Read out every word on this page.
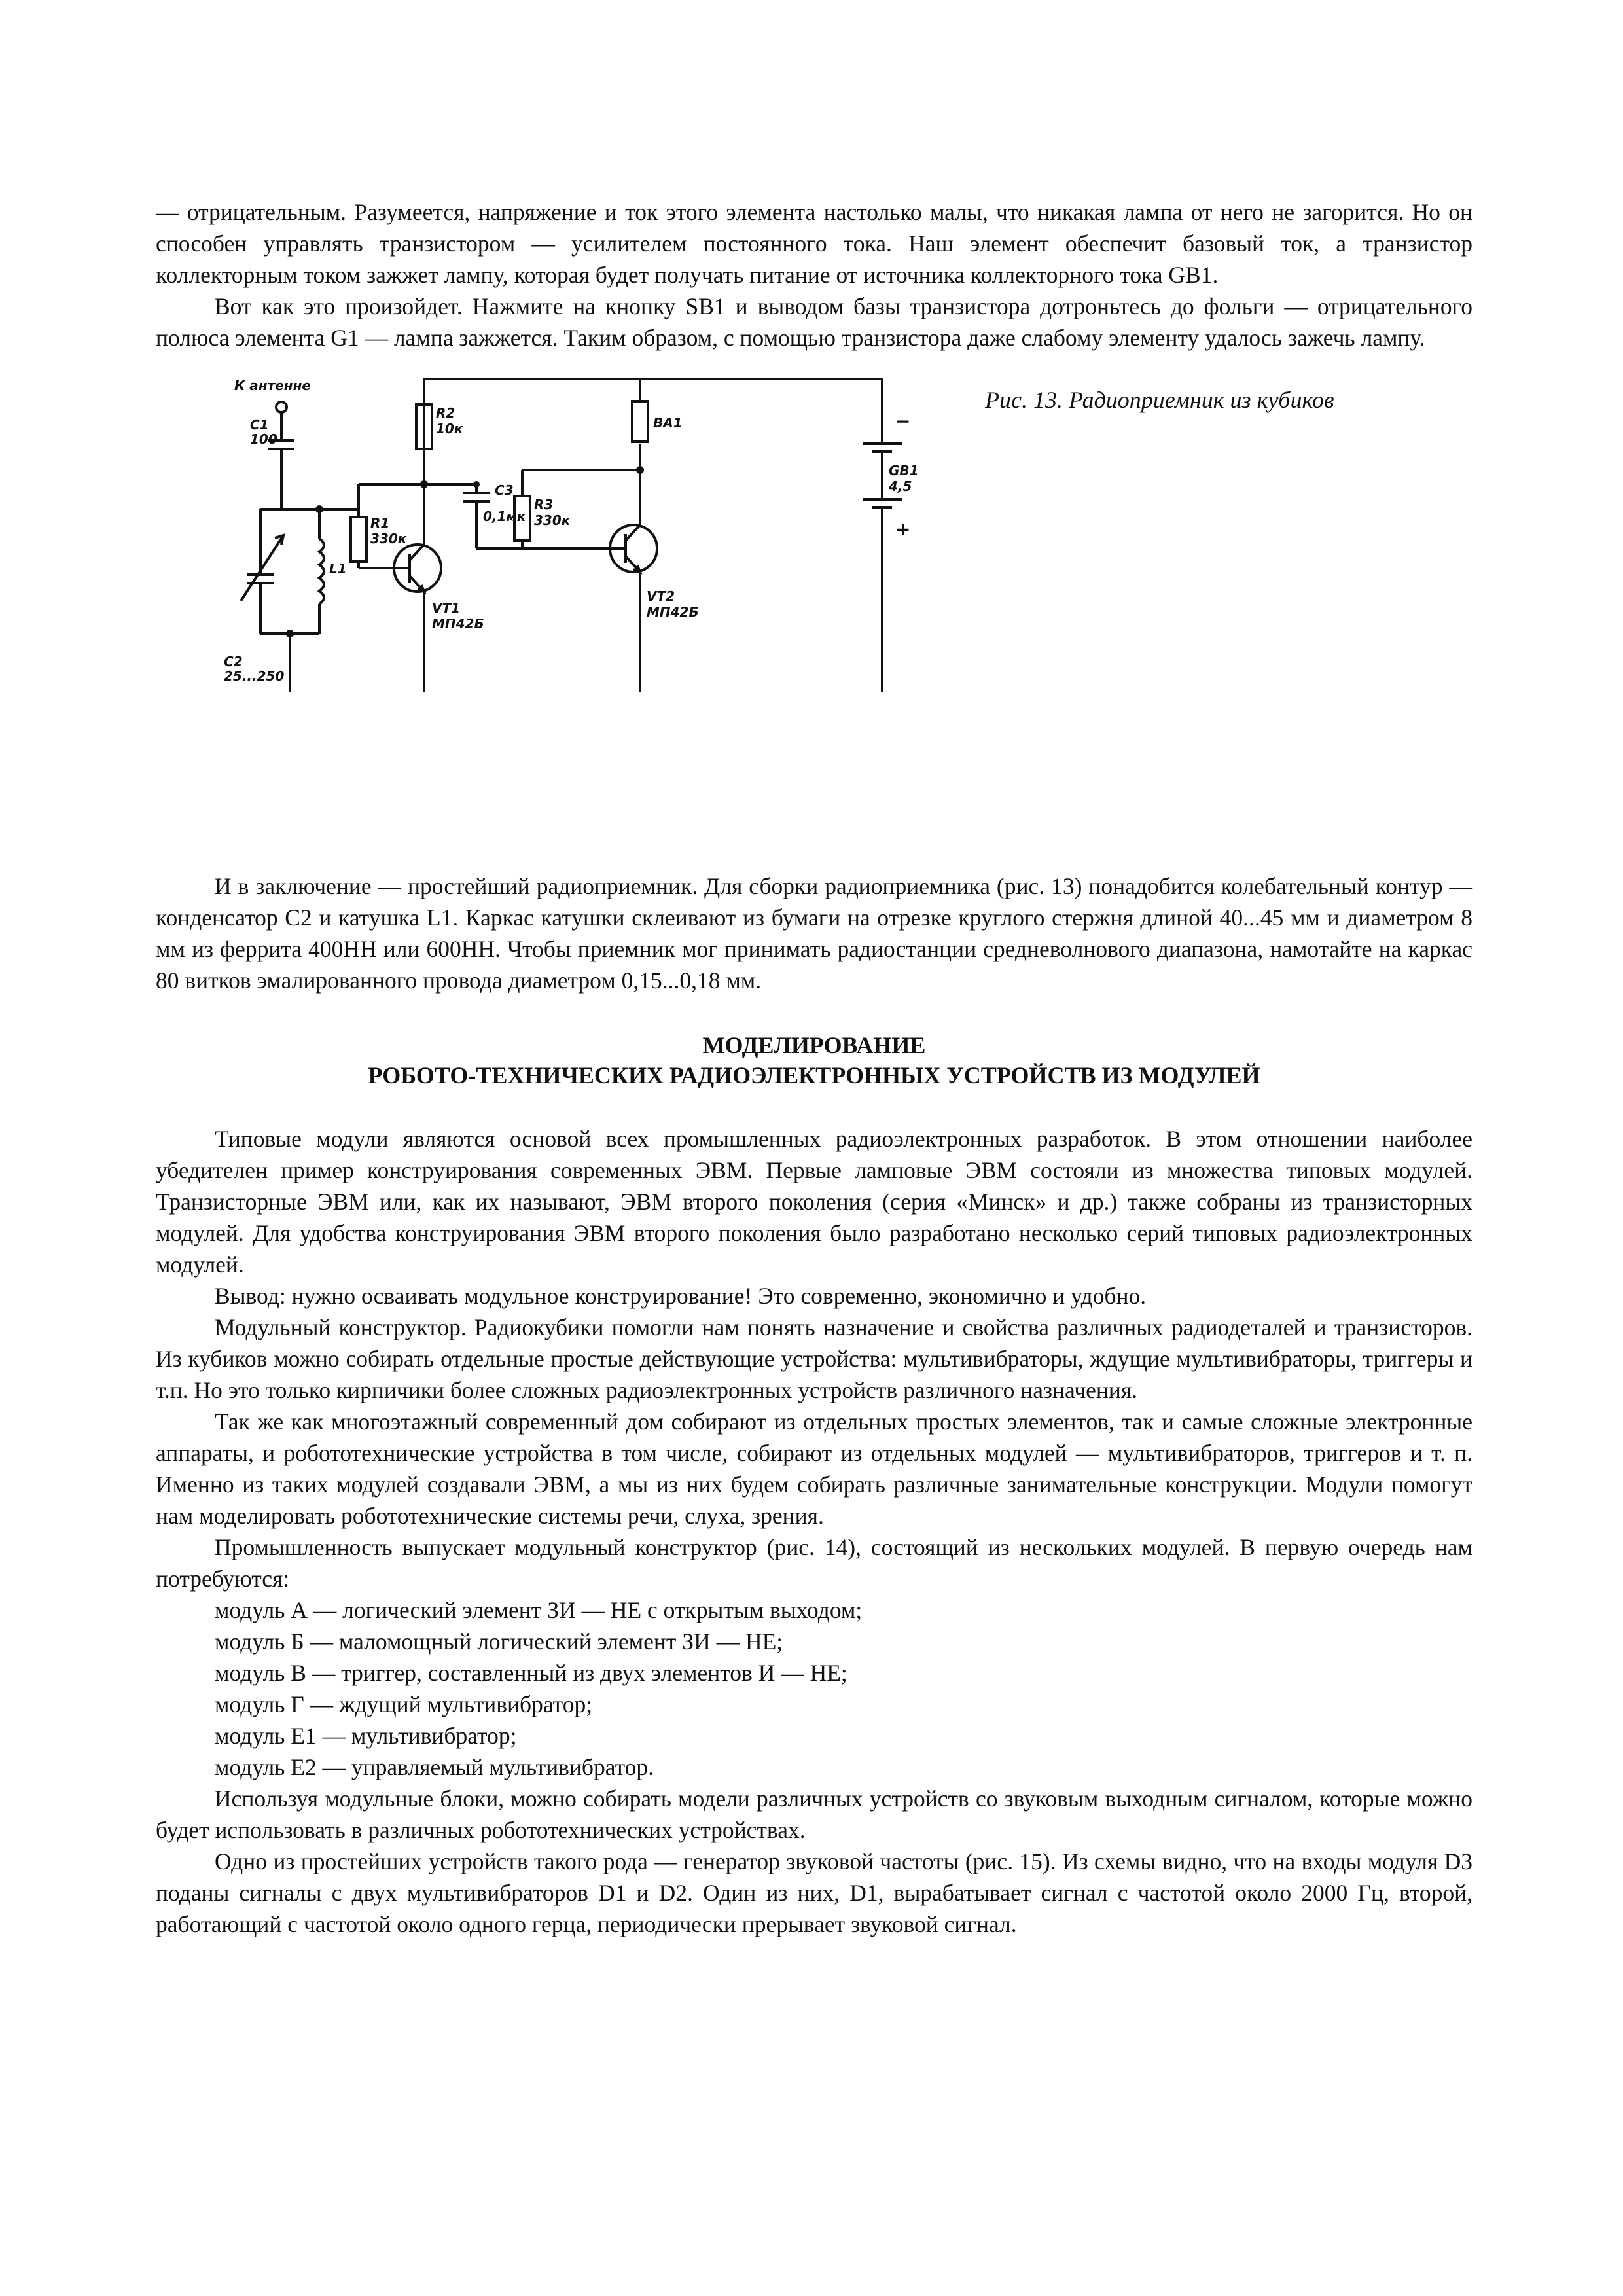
— отрицательным. Разумеется, напряжение и ток этого элемента настолько малы, что никакая лампа от него не загорится. Но он способен управлять транзистором — усилителем постоянного тока. Наш элемент обеспечит базовый ток, а транзистор коллекторным током зажжет лампу, которая будет получать питание от источника коллекторного тока GB1.

Вот как это произойдет. Нажмите на кнопку SB1 и выводом базы транзистора дотроньтесь до фольги — отрицательного полюса элемента G1 — лампа зажжется. Таким образом, с помощью транзистора даже слабому элементу удалось зажечь лампу.

К антенне
C1
100
C2
25...250
L1
R1
330к
R2
10к
C3
0,1мк
R3
330к
VT1
МП42Б
VT2
МП42Б
BA1
GB1
4,5
−
+
Рис. 13. Радиоприемник из кубиков

И в заключение — простейший радиоприемник. Для сборки радиоприемника (рис. 13) понадобится колебательный контур — конденсатор C2 и катушка L1. Каркас катушки склеивают из бумаги на отрезке круглого стержня длиной 40...45 мм и диаметром 8 мм из феррита 400НН или 600НН. Чтобы приемник мог принимать радиостанции средневолнового диапазона, намотайте на каркас 80 витков эмалированного провода диаметром 0,15...0,18 мм.

МОДЕЛИРОВАНИЕ
РОБОТО-ТЕХНИЧЕСКИХ РАДИОЭЛЕКТРОННЫХ УСТРОЙСТВ ИЗ МОДУЛЕЙ

Типовые модули являются основой всех промышленных радиоэлектронных разработок. В этом отношении наиболее убедителен пример конструирования современных ЭВМ. Первые ламповые ЭВМ состояли из множества типовых модулей. Транзисторные ЭВМ или, как их называют, ЭВМ второго поколения (серия «Минск» и др.) также собраны из транзисторных модулей. Для удобства конструирования ЭВМ второго поколения было разработано несколько серий типовых радиоэлектронных модулей.

Вывод: нужно осваивать модульное конструирование! Это современно, экономично и удобно.

Модульный конструктор. Радиокубики помогли нам понять назначение и свойства различных радиодеталей и транзисторов. Из кубиков можно собирать отдельные простые действующие устройства: мультивибраторы, ждущие мультивибраторы, триггеры и т.п. Но это только кирпичики более сложных радиоэлектронных устройств различного назначения.

Так же как многоэтажный современный дом собирают из отдельных простых элементов, так и самые сложные электронные аппараты, и робототехнические устройства в том числе, собирают из отдельных модулей — мультивибраторов, триггеров и т. п. Именно из таких модулей создавали ЭВМ, а мы из них будем собирать различные занимательные конструкции. Модули помогут нам моделировать робототехнические системы речи, слуха, зрения.

Промышленность выпускает модульный конструктор (рис. 14), состоящий из нескольких модулей. В первую очередь нам потребуются:

модуль А — логический элемент ЗИ — НЕ с открытым выходом;

модуль Б — маломощный логический элемент ЗИ — НЕ;

модуль В — триггер, составленный из двух элементов И — НЕ;

модуль Г — ждущий мультивибратор;

модуль Е1 — мультивибратор;

модуль Е2 — управляемый мультивибратор.

Используя модульные блоки, можно собирать модели различных устройств со звуковым выходным сигналом, которые можно будет использовать в различных робототехнических устройствах.

Одно из простейших устройств такого рода — генератор звуковой частоты (рис. 15). Из схемы видно, что на входы модуля D3 поданы сигналы с двух мультивибраторов D1 и D2. Один из них, D1, вырабатывает сигнал с частотой около 2000 Гц, второй, работающий с частотой около одного герца, периодически прерывает звуковой сигнал.
